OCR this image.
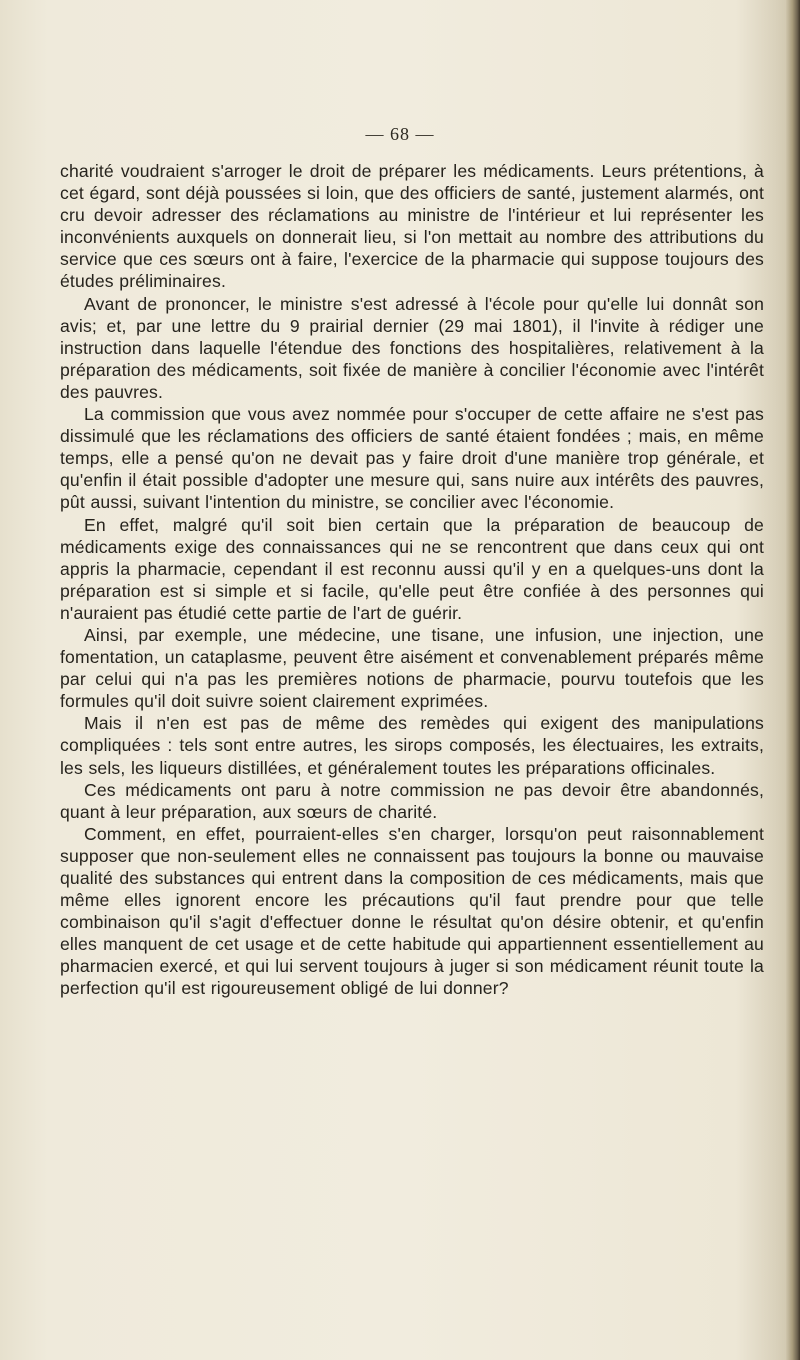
— 68 —

charité voudraient s'arroger le droit de préparer les médicaments. Leurs prétentions, à cet égard, sont déjà poussées si loin, que des officiers de santé, justement alarmés, ont cru devoir adresser des réclamations au ministre de l'intérieur et lui représenter les inconvénients auxquels on donnerait lieu, si l'on mettait au nombre des attributions du service que ces sœurs ont à faire, l'exercice de la pharmacie qui suppose toujours des études préliminaires.

Avant de prononcer, le ministre s'est adressé à l'école pour qu'elle lui donnât son avis; et, par une lettre du 9 prairial dernier (29 mai 1801), il l'invite à rédiger une instruction dans laquelle l'étendue des fonctions des hospitalières, relativement à la préparation des médicaments, soit fixée de manière à concilier l'économie avec l'intérêt des pauvres.

La commission que vous avez nommée pour s'occuper de cette affaire ne s'est pas dissimulé que les réclamations des officiers de santé étaient fondées ; mais, en même temps, elle a pensé qu'on ne devait pas y faire droit d'une manière trop générale, et qu'enfin il était possible d'adopter une mesure qui, sans nuire aux intérêts des pauvres, pût aussi, suivant l'intention du ministre, se concilier avec l'économie.

En effet, malgré qu'il soit bien certain que la préparation de beaucoup de médicaments exige des connaissances qui ne se rencontrent que dans ceux qui ont appris la pharmacie, cependant il est reconnu aussi qu'il y en a quelques-uns dont la préparation est si simple et si facile, qu'elle peut être confiée à des personnes qui n'auraient pas étudié cette partie de l'art de guérir.

Ainsi, par exemple, une médecine, une tisane, une infusion, une injection, une fomentation, un cataplasme, peuvent être aisément et convenablement préparés même par celui qui n'a pas les premières notions de pharmacie, pourvu toutefois que les formules qu'il doit suivre soient clairement exprimées.

Mais il n'en est pas de même des remèdes qui exigent des manipulations compliquées : tels sont entre autres, les sirops composés, les électuaires, les extraits, les sels, les liqueurs distillées, et généralement toutes les préparations officinales.

Ces médicaments ont paru à notre commission ne pas devoir être abandonnés, quant à leur préparation, aux sœurs de charité.

Comment, en effet, pourraient-elles s'en charger, lorsqu'on peut raisonnablement supposer que non-seulement elles ne connaissent pas toujours la bonne ou mauvaise qualité des substances qui entrent dans la composition de ces médicaments, mais que même elles ignorent encore les précautions qu'il faut prendre pour que telle combinaison qu'il s'agit d'effectuer donne le résultat qu'on désire obtenir, et qu'enfin elles manquent de cet usage et de cette habitude qui appartiennent essentiellement au pharmacien exercé, et qui lui servent toujours à juger si son médicament réunit toute la perfection qu'il est rigoureusement obligé de lui donner?
